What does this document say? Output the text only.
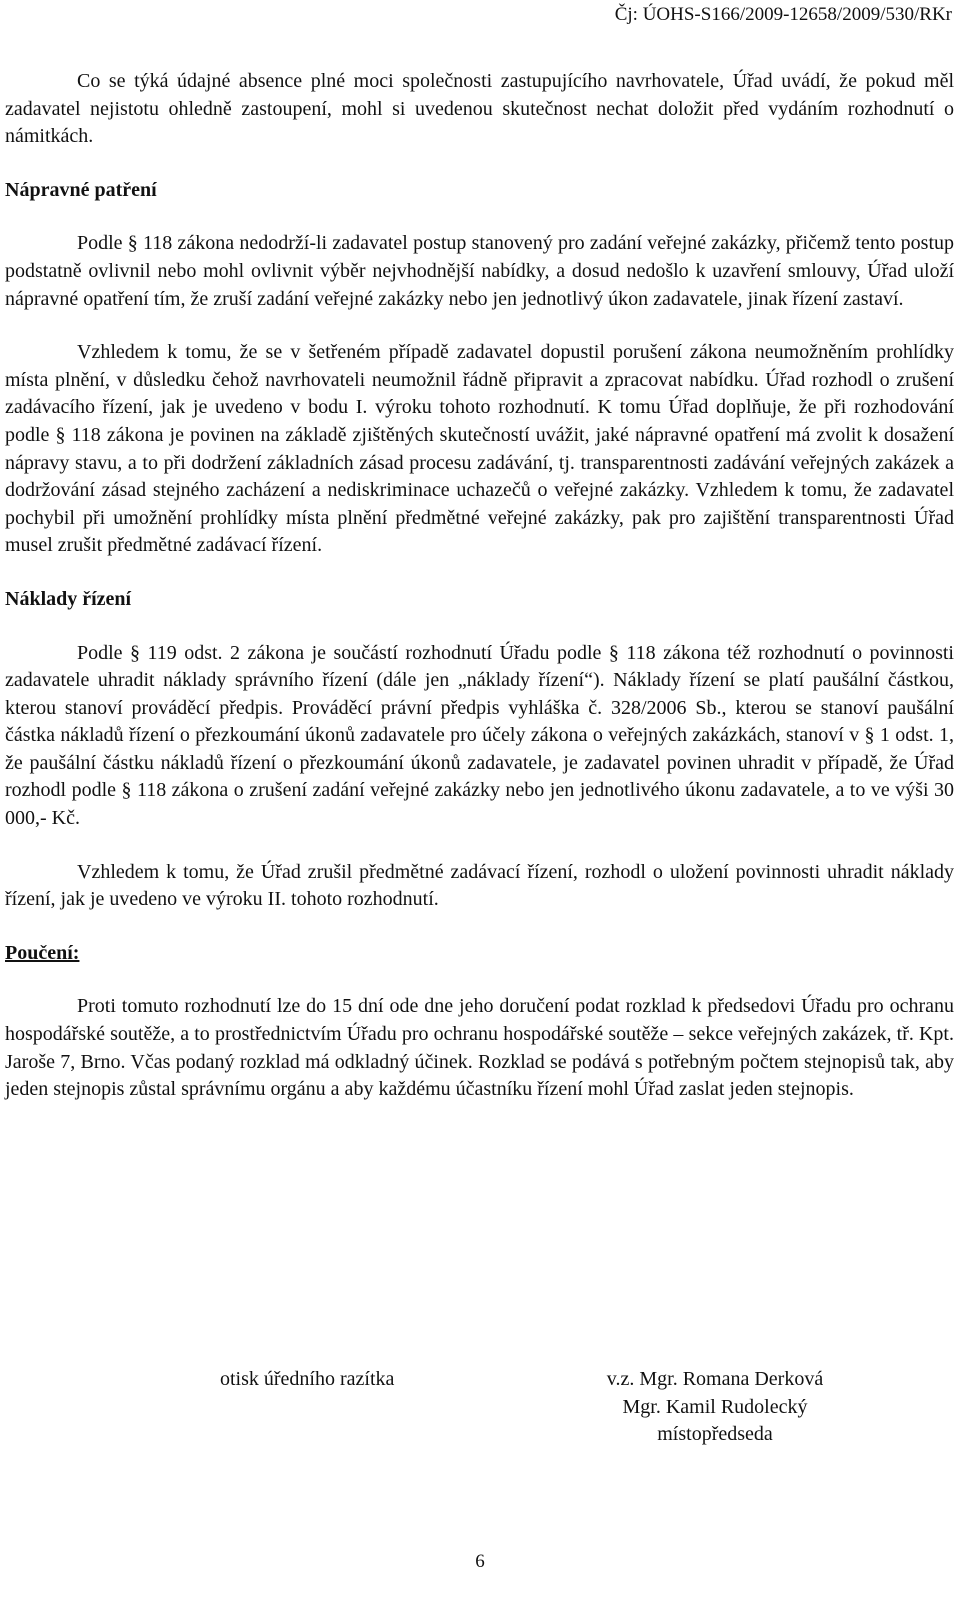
Čj: ÚOHS-S166/2009-12658/2009/530/RKr

Co se týká údajné absence plné moci společnosti zastupujícího navrhovatele, Úřad uvádí, že pokud měl zadavatel nejistotu ohledně zastoupení, mohl si uvedenou skutečnost nechat doložit před vydáním rozhodnutí o námitkách.

Nápravné patření

Podle § 118 zákona nedodrží-li zadavatel postup stanovený pro zadání veřejné zakázky, přičemž tento postup podstatně ovlivnil nebo mohl ovlivnit výběr nejvhodnější nabídky, a dosud nedošlo k uzavření smlouvy, Úřad uloží nápravné opatření tím, že zruší zadání veřejné zakázky nebo jen jednotlivý úkon zadavatele, jinak řízení zastaví.

Vzhledem k tomu, že se v šetřeném případě zadavatel dopustil porušení zákona neumožněním prohlídky místa plnění, v důsledku čehož navrhovateli neumožnil řádně připravit a zpracovat nabídku. Úřad rozhodl o zrušení zadávacího řízení, jak je uvedeno v bodu I. výroku tohoto rozhodnutí. K tomu Úřad doplňuje, že při rozhodování podle § 118 zákona je povinen na základě zjištěných skutečností uvážit, jaké nápravné opatření má zvolit k dosažení nápravy stavu, a to při dodržení základních zásad procesu zadávání, tj. transparentnosti zadávání veřejných zakázek a dodržování zásad stejného zacházení a nediskriminace uchazečů o veřejné zakázky. Vzhledem k tomu, že zadavatel pochybil při umožnění prohlídky místa plnění předmětné veřejné zakázky, pak pro zajištění transparentnosti Úřad musel zrušit předmětné zadávací řízení.

Náklady řízení

Podle § 119 odst. 2 zákona je součástí rozhodnutí Úřadu podle § 118 zákona též rozhodnutí o povinnosti zadavatele uhradit náklady správního řízení (dále jen „náklady řízení“). Náklady řízení se platí paušální částkou, kterou stanoví prováděcí předpis. Prováděcí právní předpis vyhláška č. 328/2006 Sb., kterou se stanoví paušální částka nákladů řízení o přezkoumání úkonů zadavatele pro účely zákona o veřejných zakázkách, stanoví v § 1 odst. 1, že paušální částku nákladů řízení o přezkoumání úkonů zadavatele, je zadavatel povinen uhradit v případě, že Úřad rozhodl podle § 118 zákona o zrušení zadání veřejné zakázky nebo jen jednotlivého úkonu zadavatele, a to ve výši 30 000,- Kč.

Vzhledem k tomu, že Úřad zrušil předmětné zadávací řízení, rozhodl o uložení povinnosti uhradit náklady řízení, jak je uvedeno ve výroku II. tohoto rozhodnutí.

Poučení:

Proti tomuto rozhodnutí lze do 15 dní ode dne jeho doručení podat rozklad k předsedovi Úřadu pro ochranu hospodářské soutěže, a to prostřednictvím Úřadu pro ochranu hospodářské soutěže – sekce veřejných zakázek, tř. Kpt. Jaroše 7, Brno. Včas podaný rozklad má odkladný účinek. Rozklad se podává s potřebným počtem stejnopisů tak, aby jeden stejnopis zůstal správnímu orgánu a aby každému účastníku řízení mohl Úřad zaslat jeden stejnopis.

otisk úředního razítka	v.z. Mgr. Romana Derková
Mgr. Kamil Rudolecký
místopředseda
6
